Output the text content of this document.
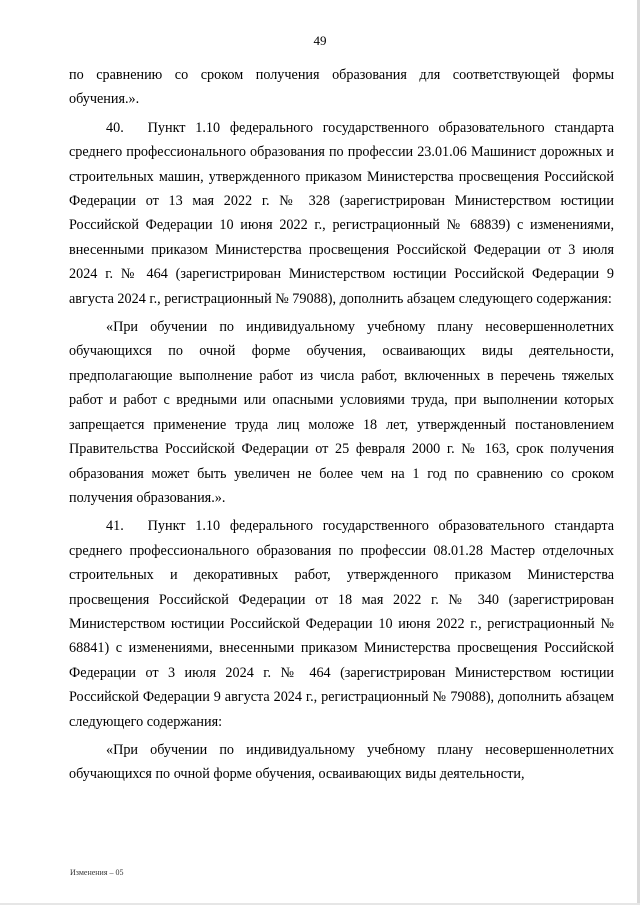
49

по сравнению со сроком получения образования для соответствующей формы обучения.».

40.  Пункт 1.10 федерального государственного образовательного стандарта среднего профессионального образования по профессии 23.01.06 Машинист дорожных и строительных машин, утвержденного приказом Министерства просвещения Российской Федерации от 13 мая 2022 г. № 328 (зарегистрирован Министерством юстиции Российской Федерации 10 июня 2022 г., регистрационный № 68839) с изменениями, внесенными приказом Министерства просвещения Российской Федерации от 3 июля 2024 г. № 464 (зарегистрирован Министерством юстиции Российской Федерации 9 августа 2024 г., регистрационный № 79088), дополнить абзацем следующего содержания:

«При обучении по индивидуальному учебному плану несовершеннолетних обучающихся по очной форме обучения, осваивающих виды деятельности, предполагающие выполнение работ из числа работ, включенных в перечень тяжелых работ и работ с вредными или опасными условиями труда, при выполнении которых запрещается применение труда лиц моложе 18 лет, утвержденный постановлением Правительства Российской Федерации от 25 февраля 2000 г. № 163, срок получения образования может быть увеличен не более чем на 1 год по сравнению со сроком получения образования.».

41.  Пункт 1.10 федерального государственного образовательного стандарта среднего профессионального образования по профессии 08.01.28 Мастер отделочных строительных и декоративных работ, утвержденного приказом Министерства просвещения Российской Федерации от 18 мая 2022 г. № 340 (зарегистрирован Министерством юстиции Российской Федерации 10 июня 2022 г., регистрационный № 68841) с изменениями, внесенными приказом Министерства просвещения Российской Федерации от 3 июля 2024 г. № 464 (зарегистрирован Министерством юстиции Российской Федерации 9 августа 2024 г., регистрационный № 79088), дополнить абзацем следующего содержания:

«При обучении по индивидуальному учебному плану несовершеннолетних обучающихся по очной форме обучения, осваивающих виды деятельности,

Изменения – 05
